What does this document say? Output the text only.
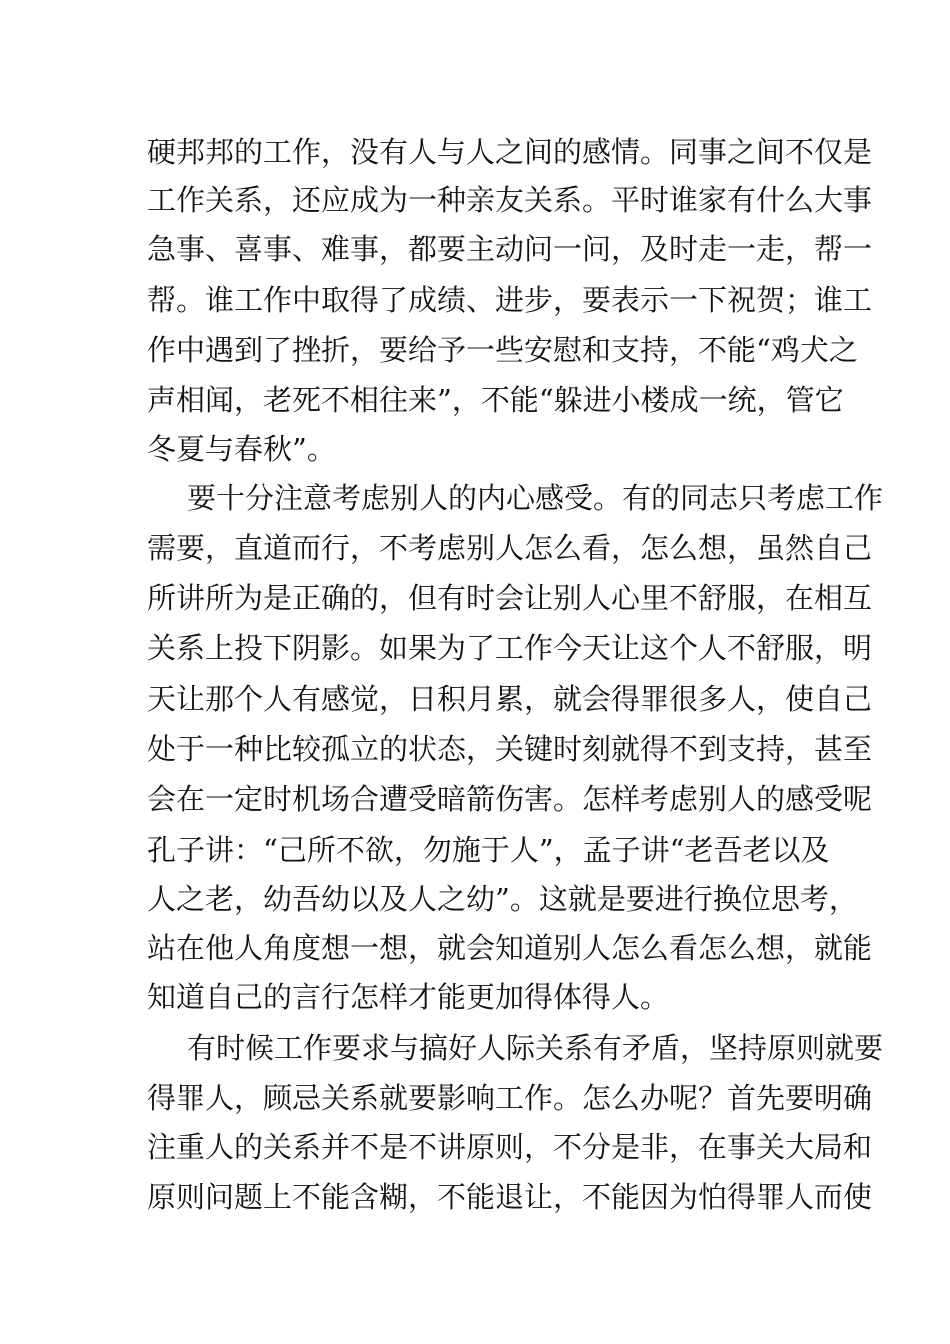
硬邦邦的工作，没有人与人之间的感情。同事之间不仅是
工作关系，还应成为一种亲友关系。平时谁家有什么大事
急事、喜事、难事，都要主动问一问，及时走一走，帮一
帮。谁工作中取得了成绩、进步，要表示一下祝贺；谁工
作中遇到了挫折，要给予一些安慰和支持，不能“鸡犬之
声相闻，老死不相往来”，不能“躲进小楼成一统，管它
冬夏与春秋”。
要十分注意考虑别人的内心感受。有的同志只考虑工作
需要，直道而行，不考虑别人怎么看，怎么想，虽然自己
所讲所为是正确的，但有时会让别人心里不舒服，在相互
关系上投下阴影。如果为了工作今天让这个人不舒服，明
天让那个人有感觉，日积月累，就会得罪很多人，使自己
处于一种比较孤立的状态，关键时刻就得不到支持，甚至
会在一定时机场合遭受暗箭伤害。怎样考虑别人的感受呢
孔子讲：“己所不欲，勿施于人”，孟子讲“老吾老以及
人之老，幼吾幼以及人之幼”。这就是要进行换位思考，
站在他人角度想一想，就会知道别人怎么看怎么想，就能
知道自己的言行怎样才能更加得体得人。
有时候工作要求与搞好人际关系有矛盾，坚持原则就要
得罪人，顾忌关系就要影响工作。怎么办呢？首先要明确
注重人的关系并不是不讲原则，不分是非，在事关大局和
原则问题上不能含糊，不能退让，不能因为怕得罪人而使
